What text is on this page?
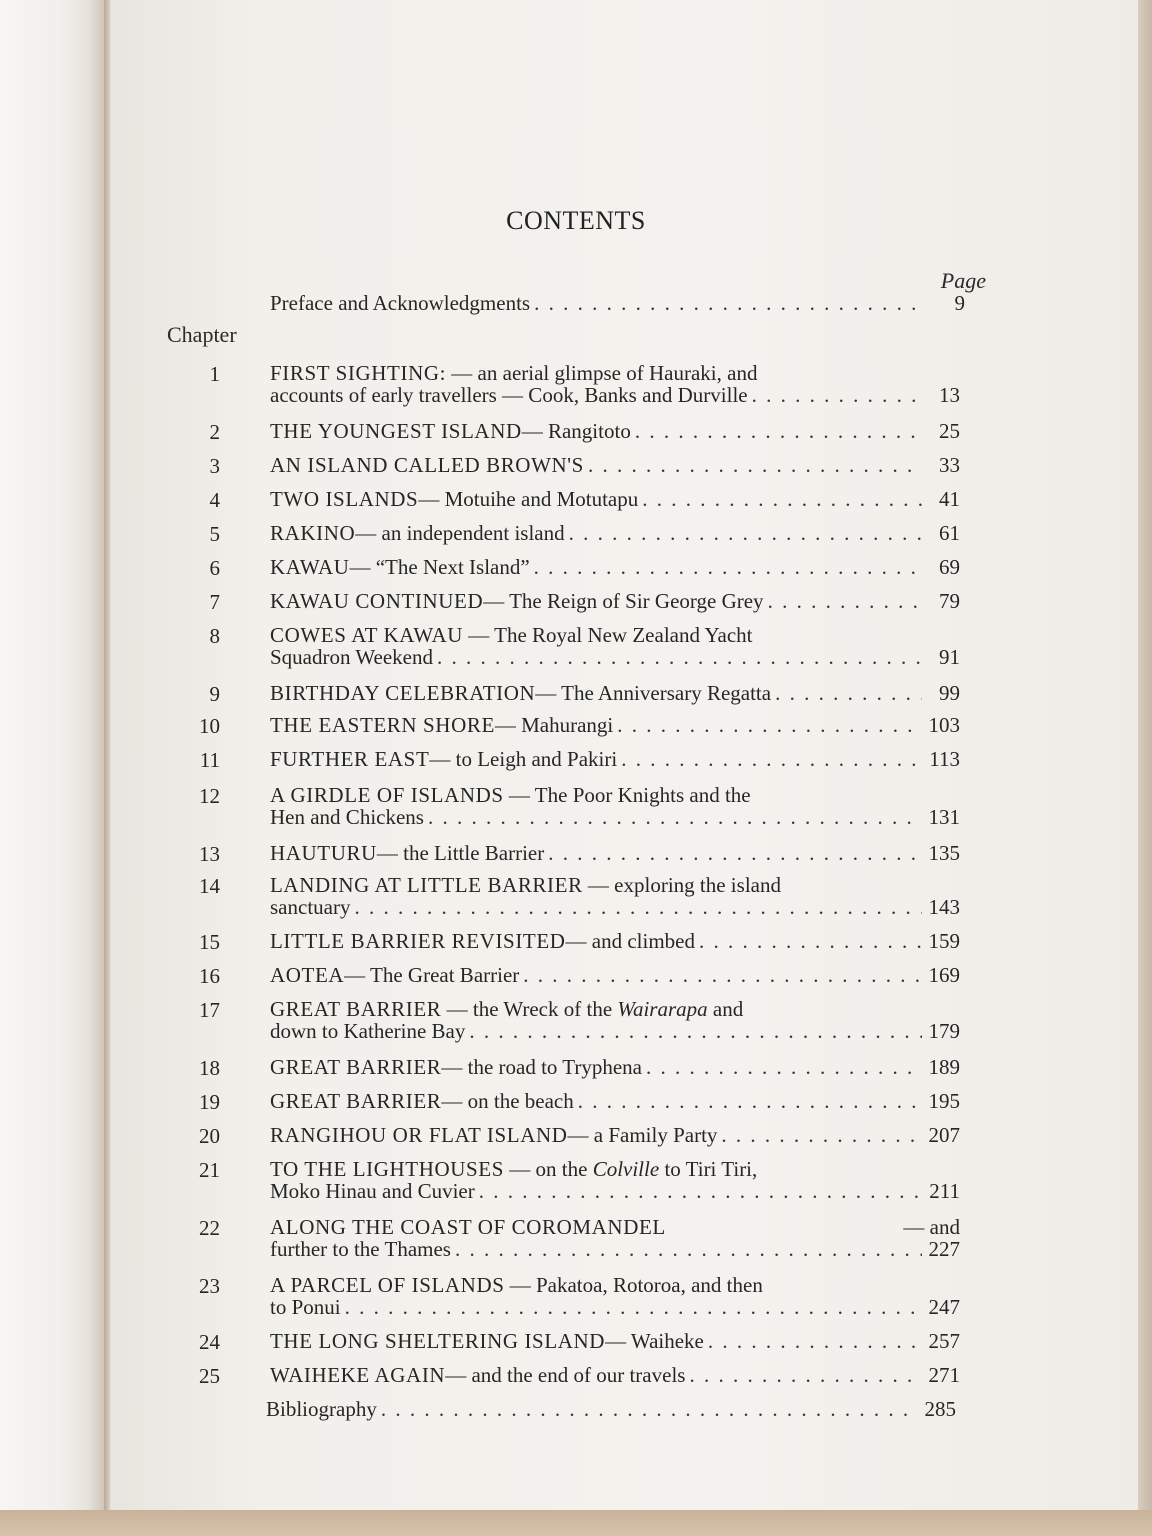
CONTENTS
Page
Chapter
Preface and Acknowledgments . . .	9
1 FIRST SIGHTING: — an aerial glimpse of Hauraki, and
accounts of early travellers — Cook, Banks and Durville . . .	13
2 THE YOUNGEST ISLAND — Rangitoto . . .	25
3 AN ISLAND CALLED BROWN'S . . .	33
4 TWO ISLANDS — Motuihe and Motutapu . . .	41
5 RAKINO — an independent island . . .	61
6 KAWAU — “The Next Island” . . .	69
7 KAWAU CONTINUED — The Reign of Sir George Grey . . .	79
8 COWES AT KAWAU — The Royal New Zealand Yacht
Squadron Weekend . . .	91
9 BIRTHDAY CELEBRATION — The Anniversary Regatta . . .	99
10 THE EASTERN SHORE — Mahurangi . . .	103
11 FURTHER EAST — to Leigh and Pakiri . . .	113
12 A GIRDLE OF ISLANDS — The Poor Knights and the
Hen and Chickens . . .	131
13 HAUTURU — the Little Barrier . . .	135
14 LANDING AT LITTLE BARRIER — exploring the island
sanctuary . . .	143
15 LITTLE BARRIER REVISITED — and climbed . . .	159
16 AOTEA — The Great Barrier . . .	169
17 GREAT BARRIER — the Wreck of the Wairarapa and
down to Katherine Bay . . .	179
18 GREAT BARRIER — the road to Tryphena . . .	189
19 GREAT BARRIER — on the beach . . .	195
20 RANGIHOU OR FLAT ISLAND — a Family Party . . .	207
21 TO THE LIGHTHOUSES — on the Colville to Tiri Tiri,
Moko Hinau and Cuvier . . .	211
22 ALONG THE COAST OF COROMANDEL	— and
further to the Thames . . .	227
23 A PARCEL OF ISLANDS — Pakatoa, Rotoroa, and then
to Ponui . . .	247
24 THE LONG SHELTERING ISLAND — Waiheke . . .	257
25 WAIHEKE AGAIN — and the end of our travels . . .	271
Bibliography . . .	285
